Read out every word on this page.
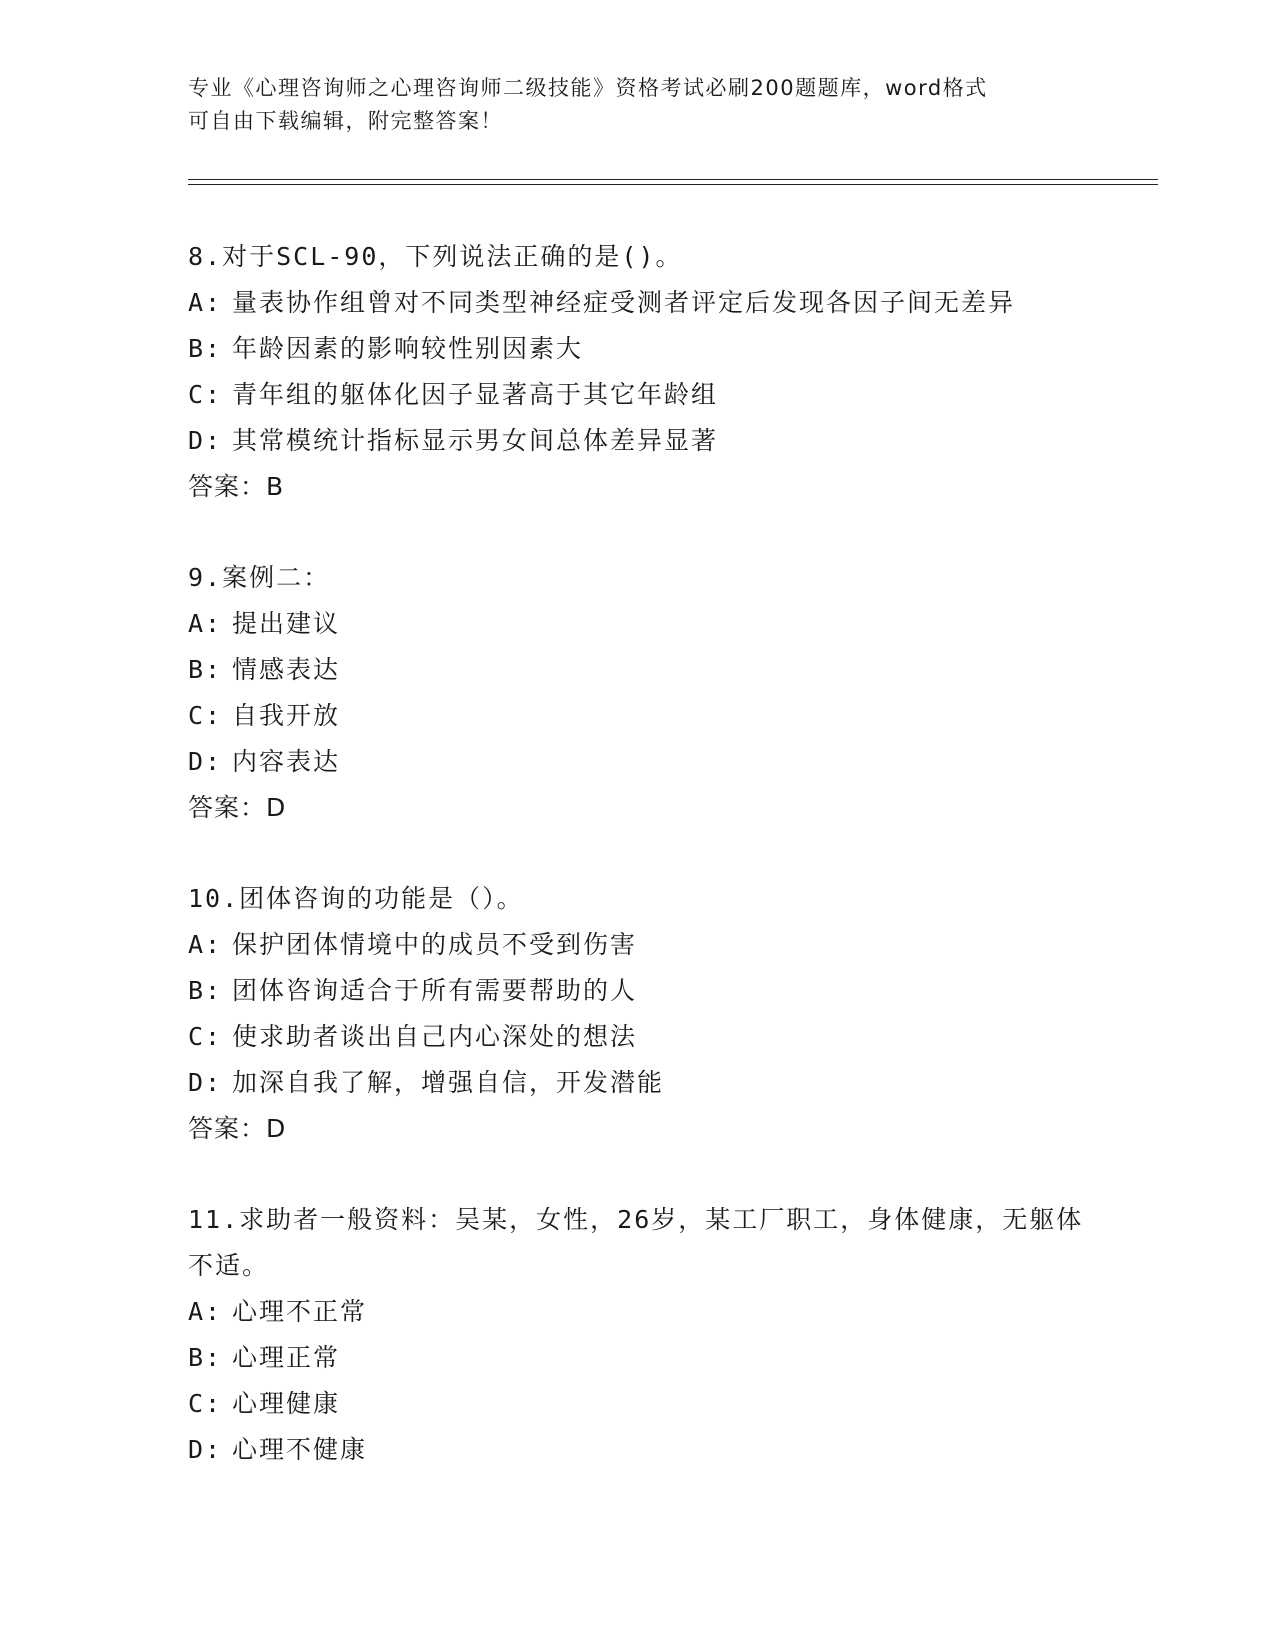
专业《心理咨询师之心理咨询师二级技能》资格考试必刷200题题库，word格式
可自由下载编辑，附完整答案！
8.对于SCL-90，下列说法正确的是()。
A: 量表协作组曾对不同类型神经症受测者评定后发现各因子间无差异
B: 年龄因素的影响较性别因素大
C: 青年组的躯体化因子显著高于其它年龄组
D: 其常模统计指标显示男女间总体差异显著
答案：B
9.案例二：
A: 提出建议
B: 情感表达
C: 自我开放
D: 内容表达
答案：D
10.团体咨询的功能是（）。
A: 保护团体情境中的成员不受到伤害
B: 团体咨询适合于所有需要帮助的人
C: 使求助者谈出自己内心深处的想法
D: 加深自我了解，增强自信，开发潜能
答案：D
11.求助者一般资料：吴某，女性，26岁，某工厂职工，身体健康，无躯体不适。
A: 心理不正常
B: 心理正常
C: 心理健康
D: 心理不健康
